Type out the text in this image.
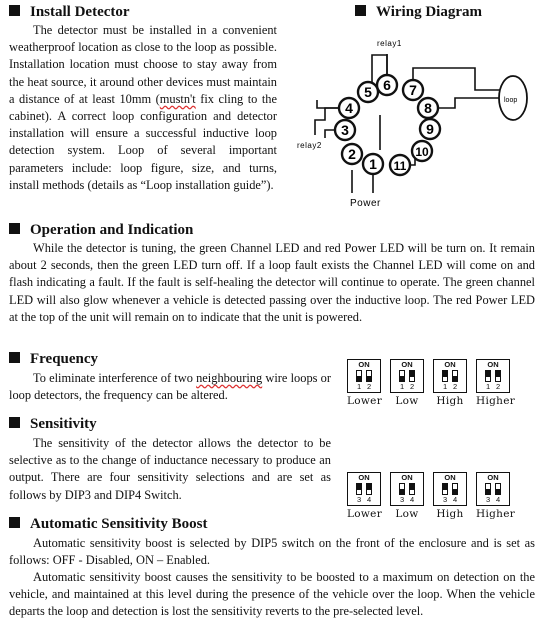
Install Detector

The detector must be installed in a convenient weatherproof location as close to the loop as possible. Installation location must choose to stay away from the heat source, it around other devices must maintain a distance of at least 10mm (mustn't fix cling to the cabinet). A correct loop configuration and detector installation will ensure a successful inductive loop detection system. Loop of several important parameters include: loop figure, size, and turns, install methods (details as “Loop installation guide”).

Wiring Diagram
loop
relay1
relay2
Power
1
2
3
4
5 6 7
8
9
10
11
Operation and Indication

While the detector is tuning, the green Channel LED and red Power LED will be turn on. It remain about 2 seconds, then the green LED turn off. If a loop fault exists the Channel LED will come on and flash indicating a fault. If the fault is self-healing the detector will continue to operate. The green channel LED will also glow whenever a vehicle is detected passing over the inductive loop. The red Power LED at the top of the unit will remain on to indicate that the unit is powered.

Frequency

To eliminate interference of two neighbouring wire loops or loop detectors, the frequency can be altered.

ON
1 2
Lower
ON
1 2
Low
ON
1 2
High
ON
1 2
Higher
Sensitivity

The sensitivity of the detector allows the detector to be selective as to the change of inductance necessary to produce an output. There are four sensitivity selections and are set as follows by DIP3 and DIP4 Switch.

ON
3 4
Lower
ON
3 4
Low
ON
3 4
High
ON
3 4
Higher
Automatic Sensitivity Boost

Automatic sensitivity boost is selected by DIP5 switch on the front of the enclosure and is set as follows: OFF - Disabled, ON – Enabled.

Automatic sensitivity boost causes the sensitivity to be boosted to a maximum on detection on the vehicle, and maintained at this level during the presence of the vehicle over the loop. When the vehicle departs the loop and detection is lost the sensitivity reverts to the pre-selected level.
